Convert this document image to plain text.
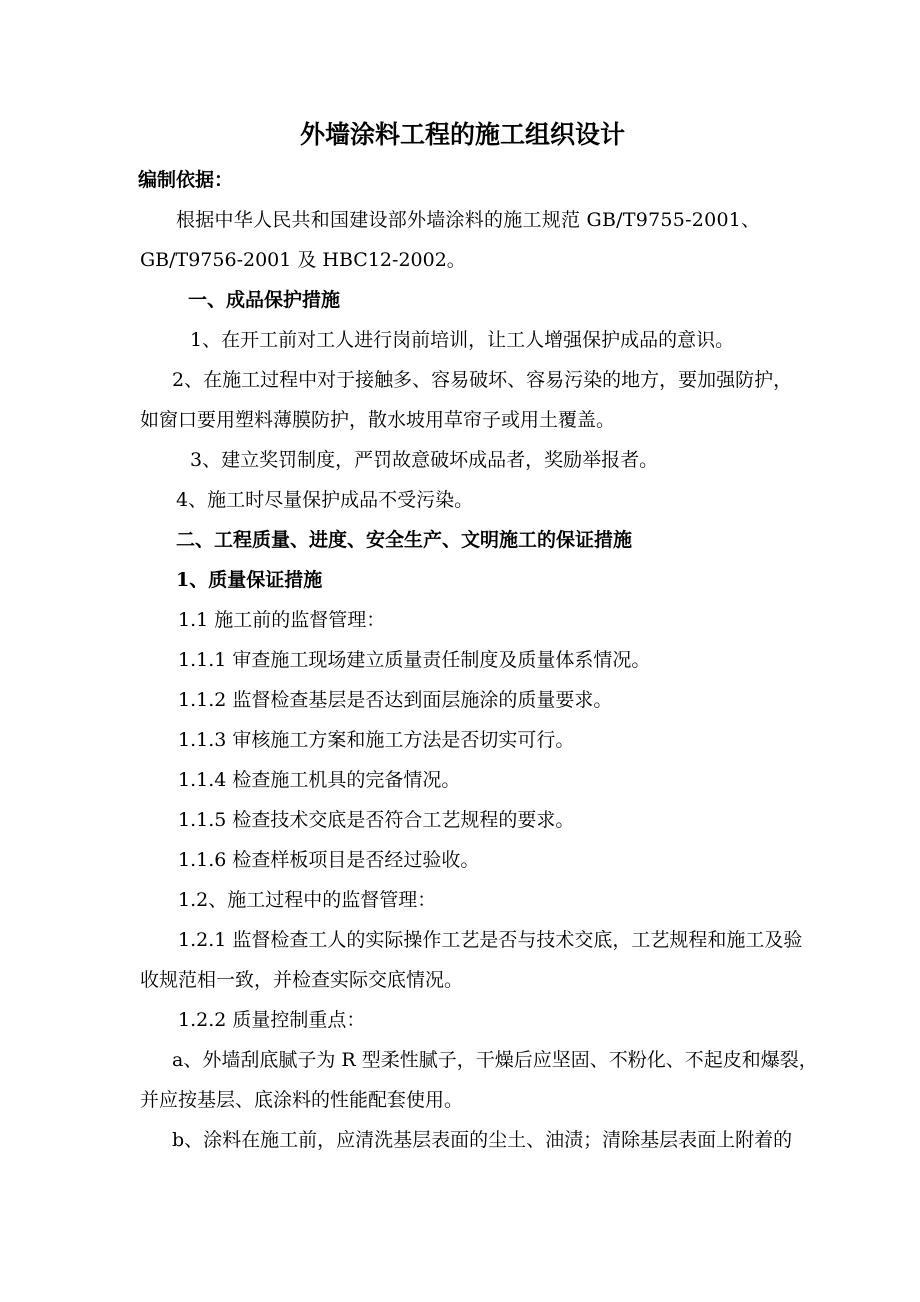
外墙涂料工程的施工组织设计

编制依据：

根据中华人民共和国建设部外墙涂料的施工规范 GB/T9755-2001、

GB/T9756-2001 及 HBC12-2002。

一、成品保护措施

1、在开工前对工人进行岗前培训，让工人增强保护成品的意识。

2、在施工过程中对于接触多、容易破坏、容易污染的地方，要加强防护，

如窗口要用塑料薄膜防护，散水坡用草帘子或用土覆盖。

3、建立奖罚制度，严罚故意破坏成品者，奖励举报者。

4、施工时尽量保护成品不受污染。

二、工程质量、进度、安全生产、文明施工的保证措施

1、质量保证措施

1.1 施工前的监督管理：

1.1.1 审查施工现场建立质量责任制度及质量体系情况。

1.1.2 监督检查基层是否达到面层施涂的质量要求。

1.1.3 审核施工方案和施工方法是否切实可行。

1.1.4 检查施工机具的完备情况。

1.1.5 检查技术交底是否符合工艺规程的要求。

1.1.6 检查样板项目是否经过验收。

1.2、施工过程中的监督管理：

1.2.1 监督检查工人的实际操作工艺是否与技术交底，工艺规程和施工及验

收规范相一致，并检查实际交底情况。

1.2.2 质量控制重点：

a、外墙刮底腻子为 R 型柔性腻子，干燥后应坚固、不粉化、不起皮和爆裂，

并应按基层、底涂料的性能配套使用。

b、涂料在施工前，应清洗基层表面的尘土、油渍；清除基层表面上附着的
